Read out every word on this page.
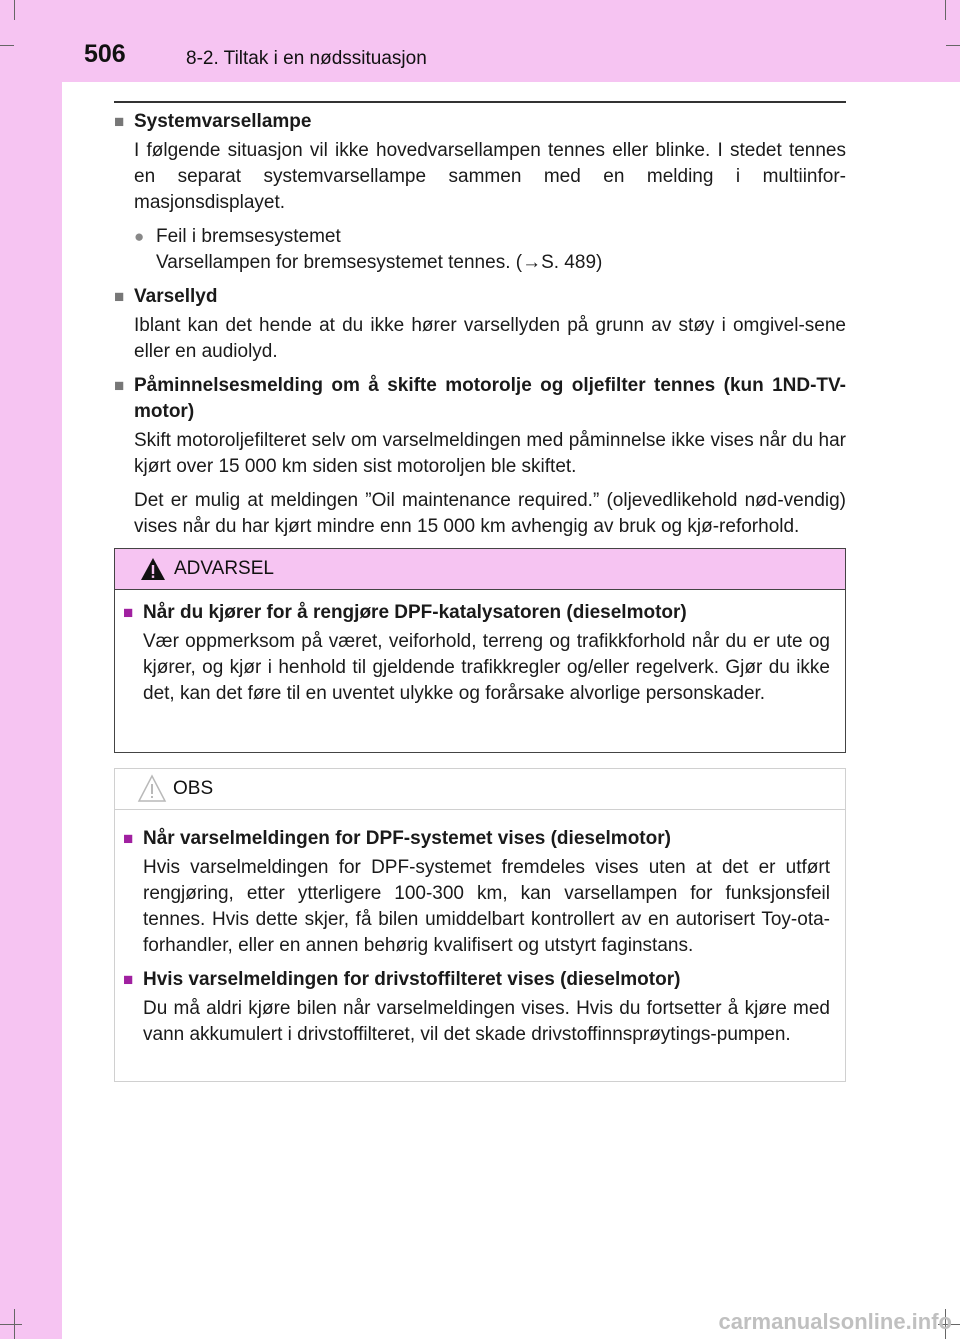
506	8-2. Tiltak i en nødssituasjon
■ Systemvarsellampe
I følgende situasjon vil ikke hovedvarsellampen tennes eller blinke. I stedet tennes en separat systemvarsellampe sammen med en melding i multiinfor-masjonsdisplayet.
● Feil i bremsesystemet
Varsellampen for bremsesystemet tennes. (→S. 489)
■ Varsellyd
Iblant kan det hende at du ikke hører varsellyden på grunn av støy i omgivel-sene eller en audiolyd.
■ Påminnelsesmelding om å skifte motorolje og oljefilter tennes (kun 1ND-TV-motor)
Skift motoroljefilteret selv om varselmeldingen med påminnelse ikke vises når du har kjørt over 15 000 km siden sist motoroljen ble skiftet.
Det er mulig at meldingen ”Oil maintenance required.” (oljevedlikehold nød-vendig) vises når du har kjørt mindre enn 15 000 km avhengig av bruk og kjø-reforhold.
ADVARSEL
■ Når du kjører for å rengjøre DPF-katalysatoren (dieselmotor)
Vær oppmerksom på været, veiforhold, terreng og trafikkforhold når du er ute og kjører, og kjør i henhold til gjeldende trafikkregler og/eller regelverk. Gjør du ikke det, kan det føre til en uventet ulykke og forårsake alvorlige personskader.
OBS
■ Når varselmeldingen for DPF-systemet vises (dieselmotor)
Hvis varselmeldingen for DPF-systemet fremdeles vises uten at det er utført rengjøring, etter ytterligere 100-300 km, kan varsellampen for funksjonsfeil tennes. Hvis dette skjer, få bilen umiddelbart kontrollert av en autorisert Toy-ota-forhandler, eller en annen behørig kvalifisert og utstyrt faginstans.
■ Hvis varselmeldingen for drivstoffilteret vises (dieselmotor)
Du må aldri kjøre bilen når varselmeldingen vises. Hvis du fortsetter å kjøre med vann akkumulert i drivstoffilteret, vil det skade drivstoffinnsprøytings-pumpen.
carmanualsonline.info
